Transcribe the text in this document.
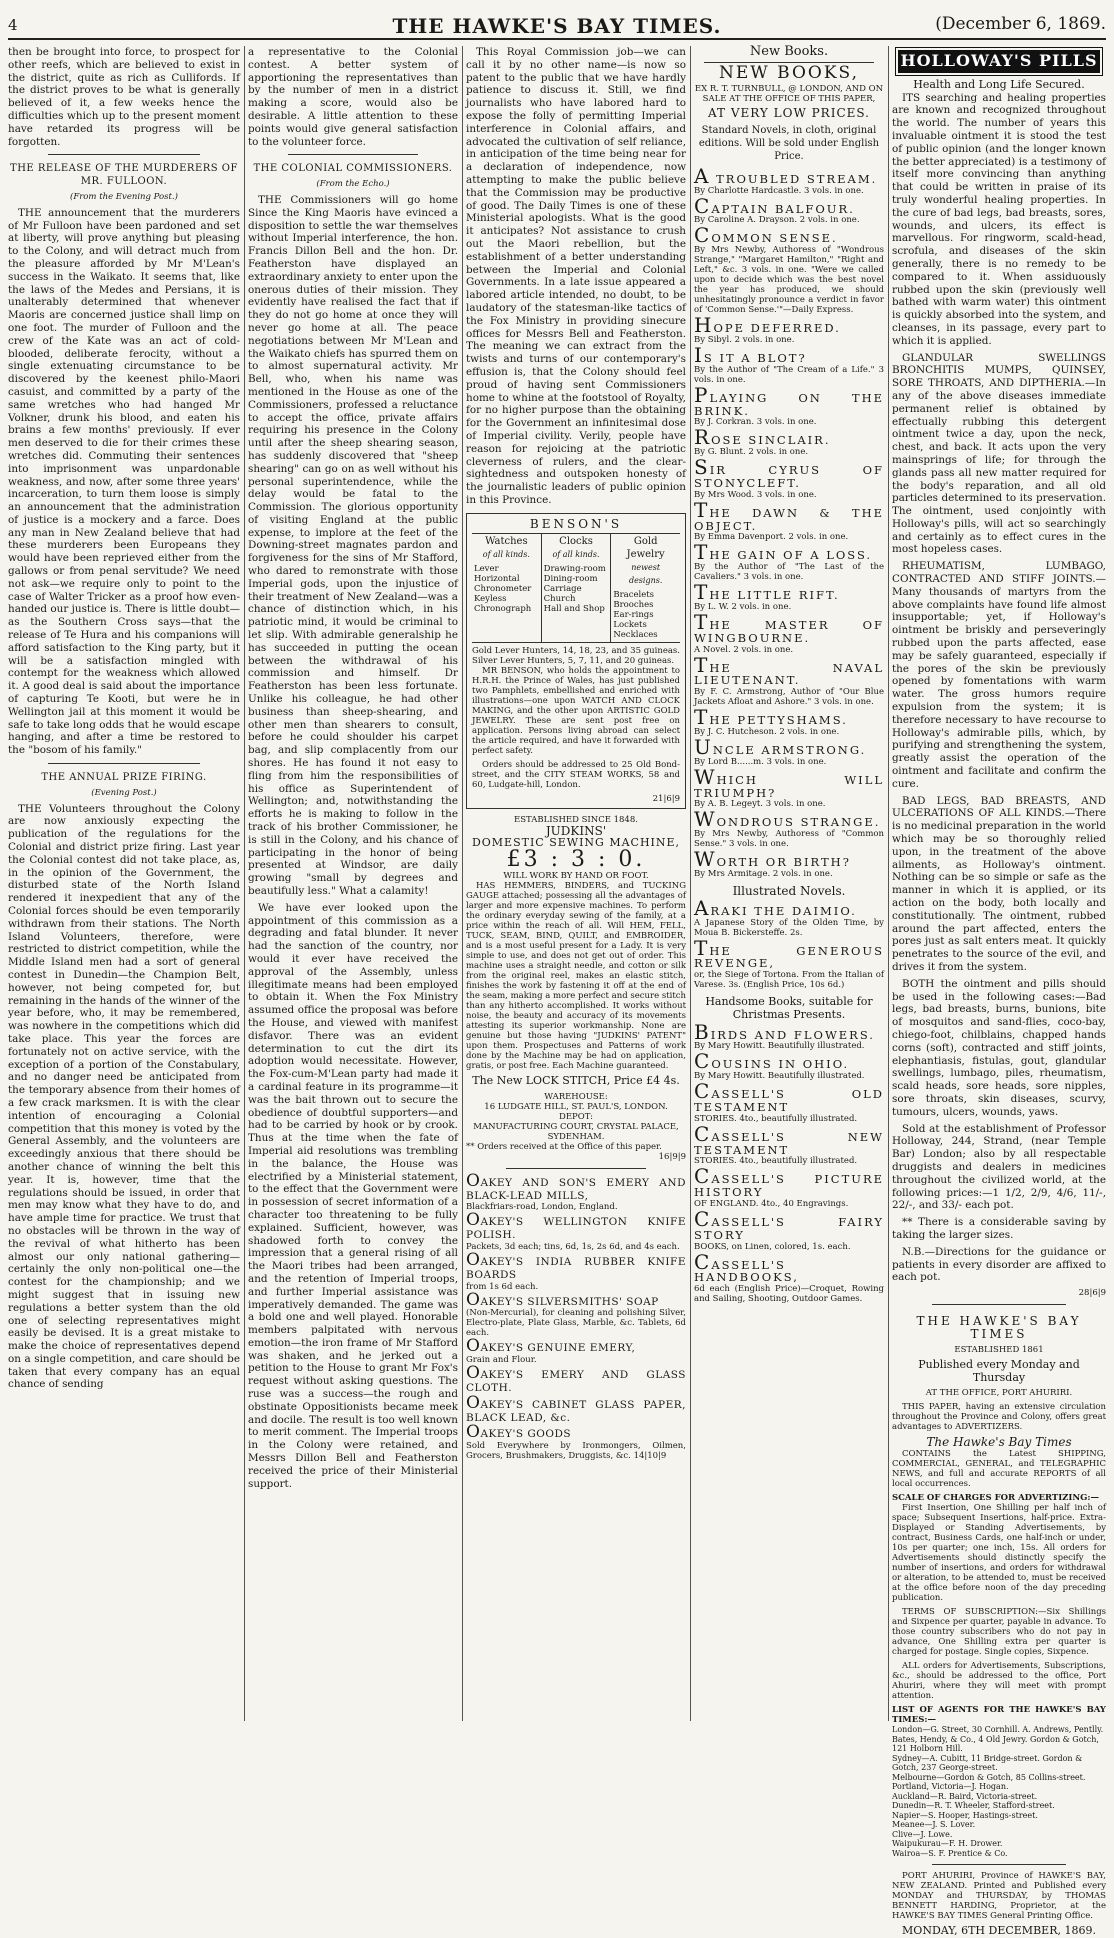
4	THE HAWKE'S BAY TIMES.	(December 6, 1869.

then be brought into force, to prospect for other reefs, which are believed to exist in the district, quite as rich as Cullifords. If the district proves to be what is generally believed of it, a few weeks hence the difficulties which up to the present moment have retarded its progress will be forgotten.

THE RELEASE OF THE MURDERERS OF MR. FULLOON.
(From the Evening Post.)

THE announcement that the murderers of Mr Fulloon have been pardoned and set at liberty, will prove anything but pleasing to the Colony, and will detract much from the pleasure afforded by Mr M'Lean's success in the Waikato. It seems that, like the laws of the Medes and Persians, it is unalterably determined that whenever Maoris are concerned justice shall limp on one foot. The murder of Fulloon and the crew of the Kate was an act of cold-blooded, deliberate ferocity, without a single extenuating circumstance to be discovered by the keenest philo-Maori casuist, and committed by a party of the same wretches who had hanged Mr Volkner, drunk his blood, and eaten his brains a few months' previously. If ever men deserved to die for their crimes these wretches did. Commuting their sentences into imprisonment was unpardonable weakness, and now, after some three years' incarceration, to turn them loose is simply an announcement that the administration of justice is a mockery and a farce. Does any man in New Zealand believe that had these murderers been Europeans they would have been reprieved either from the gallows or from penal servitude? We need not ask—we require only to point to the case of Walter Tricker as a proof how even-handed our justice is. There is little doubt—as the Southern Cross says—that the release of Te Hura and his companions will afford satisfaction to the King party, but it will be a satisfaction mingled with contempt for the weakness which allowed it. A good deal is said about the importance of capturing Te Kooti, but were he in Wellington jail at this moment it would be safe to take long odds that he would escape hanging, and after a time be restored to the "bosom of his family."

THE ANNUAL PRIZE FIRING.
(Evening Post.)

THE Volunteers throughout the Colony are now anxiously expecting the publication of the regulations for the Colonial and district prize firing. Last year the Colonial contest did not take place, as, in the opinion of the Government, the disturbed state of the North Island rendered it inexpedient that any of the Colonial forces should be even temporarily withdrawn from their stations. The North Island Volunteers, therefore, were restricted to district competition, while the Middle Island men had a sort of general contest in Dunedin—the Champion Belt, however, not being competed for, but remaining in the hands of the winner of the year before, who, it may be remembered, was nowhere in the competitions which did take place. This year the forces are fortunately not on active service, with the exception of a portion of the Constabulary, and no danger need be anticipated from the temporary absence from their homes of a few crack marksmen. It is with the clear intention of encouraging a Colonial competition that this money is voted by the General Assembly, and the volunteers are exceedingly anxious that there should be another chance of winning the belt this year. It is, however, time that the regulations should be issued, in order that men may know what they have to do, and have ample time for practice. We trust that no obstacles will be thrown in the way of the revival of what hitherto has been almost our only national gathering—certainly the only non-political one—the contest for the championship; and we might suggest that in issuing new regulations a better system than the old one of selecting representatives might easily be devised. It is a great mistake to make the choice of representatives depend on a single competition, and care should be taken that every company has an equal chance of sending

a representative to the Colonial contest. A better system of apportioning the representatives than by the number of men in a district making a score, would also be desirable. A little attention to these points would give general satisfaction to the volunteer force.

THE COLONIAL COMMISSIONERS.
(From the Echo.)

THE Commissioners will go home Since the King Maoris have evinced a disposition to settle the war themselves without Imperial interference, the hon. Francis Dillon Bell and the hon. Dr. Featherston have displayed an extraordinary anxiety to enter upon the onerous duties of their mission. They evidently have realised the fact that if they do not go home at once they will never go home at all. The peace negotiations between Mr M'Lean and the Waikato chiefs has spurred them on to almost supernatural activity. Mr Bell, who, when his name was mentioned in the House as one of the Commissioners, professed a reluctance to accept the office, private affairs requiring his presence in the Colony until after the sheep shearing season, has suddenly discovered that "sheep shearing" can go on as well without his personal superintendence, while the delay would be fatal to the Commission. The glorious opportunity of visiting England at the public expense, to implore at the feet of the Downing-street magnates pardon and forgiveness for the sins of Mr Stafford, who dared to remonstrate with those Imperial gods, upon the injustice of their treatment of New Zealand—was a chance of distinction which, in his patriotic mind, it would be criminal to let slip. With admirable generalship he has succeeded in putting the ocean between the withdrawal of his commission and himself. Dr Featherston has been less fortunate. Unlike his colleague, he had other business than sheep-shearing, and other men than shearers to consult, before he could shoulder his carpet bag, and slip complacently from our shores. He has found it not easy to fling from him the responsibilities of his office as Superintendent of Wellington; and, notwithstanding the efforts he is making to follow in the track of his brother Commissioner, he is still in the Colony, and his chance of participating in the honor of being presented at Windsor, are daily growing "small by degrees and beautifully less." What a calamity!

We have ever looked upon the appointment of this commission as a degrading and fatal blunder. It never had the sanction of the country, nor would it ever have received the approval of the Assembly, unless illegitimate means had been employed to obtain it. When the Fox Ministry assumed office the proposal was before the House, and viewed with manifest disfavor. There was an evident determination to cut the dirt its adoption would necessitate. However, the Fox-cum-M'Lean party had made it a cardinal feature in its programme—it was the bait thrown out to secure the obedience of doubtful supporters—and had to be carried by hook or by crook. Thus at the time when the fate of Imperial aid resolutions was trembling in the balance, the House was electrified by a Ministerial statement, to the effect that the Government were in possession of secret information of a character too threatening to be fully explained. Sufficient, however, was shadowed forth to convey the impression that a general rising of all the Maori tribes had been arranged, and the retention of Imperial troops, and further Imperial assistance was imperatively demanded. The game was a bold one and well played. Honorable members palpitated with nervous emotion—the iron frame of Mr Stafford was shaken, and he jerked out a petition to the House to grant Mr Fox's request without asking questions. The ruse was a success—the rough and obstinate Oppositionists became meek and docile. The result is too well known to merit comment. The Imperial troops in the Colony were retained, and Messrs Dillon Bell and Featherston received the price of their Ministerial support.

This Royal Commission job—we can call it by no other name—is now so patent to the public that we have hardly patience to discuss it. Still, we find journalists who have labored hard to expose the folly of permitting Imperial interference in Colonial affairs, and advocated the cultivation of self reliance, in anticipation of the time being near for a declaration of independence, now attempting to make the public believe that the Commission may be productive of good. The Daily Times is one of these Ministerial apologists. What is the good it anticipates? Not assistance to crush out the Maori rebellion, but the establishment of a better understanding between the Imperial and Colonial Governments. In a late issue appeared a labored article intended, no doubt, to be laudatory of the statesman-like tactics of the Fox Ministry in providing sinecure offices for Messrs Bell and Featherston. The meaning we can extract from the twists and turns of our contemporary's effusion is, that the Colony should feel proud of having sent Commissioners home to whine at the footstool of Royalty, for no higher purpose than the obtaining for the Government an infinitesimal dose of Imperial civility. Verily, people have reason for rejoicing at the patriotic cleverness of rulers, and the clear-sightedness and outspoken honesty of the journalistic leaders of public opinion in this Province.

BENSON'S
Watches
of all kinds.
Lever
Horizontal
Chronometer
Keyless
Chronograph
Clocks
of all kinds.
Drawing-room
Dining-room
Carriage
Church
Hall and Shop
Gold Jewelry
newest designs.
Bracelets
Brooches
Ear-rings
Lockets
Necklaces
Gold Lever Hunters, 14, 18, 23, and 35 guineas. Silver Lever Hunters, 5, 7, 11, and 20 guineas.

MR BENSON, who holds the appointment to H.R.H. the Prince of Wales, has just published two Pamphlets, embellished and enriched with illustrations—one upon WATCH AND CLOCK MAKING, and the other upon ARTISTIC GOLD JEWELRY. These are sent post free on application. Persons living abroad can select the article required, and have it forwarded with perfect safety.

Orders should be addressed to 25 Old Bond-street, and the CITY STEAM WORKS, 58 and 60, Ludgate-hill, London.

21|6|9
ESTABLISHED SINCE 1848.
JUDKINS'
DOMESTIC SEWING MACHINE,
£3 : 3 : 0.
WILL WORK BY HAND OR FOOT.

HAS HEMMERS, BINDERS, and TUCKING GAUGE attached; possessing all the advantages of larger and more expensive machines. To perform the ordinary everyday sewing of the family, at a price within the reach of all. Will HEM, FELL, TUCK, SEAM, BIND, QUILT, and EMBROIDER, and is a most useful present for a Lady. It is very simple to use, and does not get out of order. This machine uses a straight needle, and cotton or silk from the original reel, makes an elastic stitch, finishes the work by fastening it off at the end of the seam, making a more perfect and secure stitch than any hitherto accomplished. It works without noise, the beauty and accuracy of its movements attesting its superior workmanship. None are genuine but those having "JUDKINS' PATENT" upon them. Prospectuses and Patterns of work done by the Machine may be had on application, gratis, or post free. Each Machine guaranteed.

The New LOCK STITCH, Price £4 4s.
WAREHOUSE:
16 LUDGATE HILL, ST. PAUL'S, LONDON.
DEPOT:
MANUFACTURING COURT, CRYSTAL PALACE, SYDENHAM.
** Orders received at the Office of this paper.
16|9|9
OAKEY AND SON'S EMERY AND BLACK-LEAD MILLS,
Blackfriars-road, London, England.
OAKEY'S WELLINGTON KNIFE POLISH.
Packets, 3d each; tins, 6d, 1s, 2s 6d, and 4s each.
OAKEY'S INDIA RUBBER KNIFE BOARDS
from 1s 6d each.
OAKEY'S SILVERSMITHS' SOAP
(Non-Mercurial), for cleaning and polishing Silver, Electro-plate, Plate Glass, Marble, &c. Tablets, 6d each.
OAKEY'S GENUINE EMERY,
Grain and Flour.
OAKEY'S EMERY AND GLASS CLOTH.
OAKEY'S CABINET GLASS PAPER, BLACK LEAD, &c.
OAKEY'S GOODS
Sold Everywhere by Ironmongers, Oilmen, Grocers, Brushmakers, Druggists, &c. 14|10|9
New Books.
NEW BOOKS,
EX R. T. TURNBULL, @ LONDON, AND ON SALE AT THE OFFICE OF THIS PAPER,
AT VERY LOW PRICES.
Standard Novels, in cloth, original editions. Will be sold under English Price.
A TROUBLED STREAM.
By Charlotte Hardcastle. 3 vols. in one.
CAPTAIN BALFOUR.
By Caroline A. Drayson. 2 vols. in one.
COMMON SENSE.
By Mrs Newby, Authoress of "Wondrous Strange," "Margaret Hamilton," "Right and Left," &c. 3 vols. in one. "Were we called upon to decide which was the best novel the year has produced, we should unhesitatingly pronounce a verdict in favor of 'Common Sense.'"—Daily Express.
HOPE DEFERRED.
By Sibyl. 2 vols. in one.
IS IT A BLOT?
By the Author of "The Cream of a Life." 3 vols. in one.
PLAYING ON THE BRINK.
By J. Corkran. 3 vols. in one.
ROSE SINCLAIR.
By G. Blunt. 2 vols. in one.
SIR CYRUS OF STONYCLEFT.
By Mrs Wood. 3 vols. in one.
THE DAWN & THE OBJECT.
By Emma Davenport. 2 vols. in one.
THE GAIN OF A LOSS.
By the Author of "The Last of the Cavaliers." 3 vols. in one.
THE LITTLE RIFT.
By L. W. 2 vols. in one.
THE MASTER OF WINGBOURNE.
A Novel. 2 vols. in one.
THE NAVAL LIEUTENANT.
By F. C. Armstrong, Author of "Our Blue Jackets Afloat and Ashore." 3 vols. in one.
THE PETTYSHAMS.
By J. C. Hutcheson. 2 vols. in one.
UNCLE ARMSTRONG.
By Lord B......m. 3 vols. in one.
WHICH WILL TRIUMPH?
By A. B. Legeyt. 3 vols. in one.
WONDROUS STRANGE.
By Mrs Newby, Authoress of "Common Sense." 3 vols. in one.
WORTH OR BIRTH?
By Mrs Armitage. 2 vols. in one.
Illustrated Novels.
ARAKI THE DAIMIO.
A Japanese Story of the Olden Time, by Moua B. Bickersteffe. 2s.
THE GENEROUS REVENGE,
or, the Siege of Tortona. From the Italian of Varese. 3s. (English Price, 10s 6d.)
Handsome Books, suitable for Christmas Presents.
BIRDS AND FLOWERS.
By Mary Howitt. Beautifully illustrated.
COUSINS IN OHIO.
By Mary Howitt. Beautifully illustrated.
CASSELL'S OLD TESTAMENT
STORIES. 4to., beautifully illustrated.
CASSELL'S NEW TESTAMENT
STORIES. 4to., beautifully illustrated.
CASSELL'S PICTURE HISTORY
OF ENGLAND. 4to., 40 Engravings.
CASSELL'S FAIRY STORY
BOOKS, on Linen, colored, 1s. each.
CASSELL'S HANDBOOKS,
6d each (English Price)—Croquet, Rowing and Sailing, Shooting, Outdoor Games.
HOLLOWAY'S PILLS
Health and Long Life Secured.

ITS searching and healing properties are known and recognized throughout the world. The number of years this invaluable ointment it is stood the test of public opinion (and the longer known the better appreciated) is a testimony of itself more convincing than anything that could be written in praise of its truly wonderful healing properties. In the cure of bad legs, bad breasts, sores, wounds, and ulcers, its effect is marvellous. For ringworm, scald-head, scrofula, and diseases of the skin generally, there is no remedy to be compared to it. When assiduously rubbed upon the skin (previously well bathed with warm water) this ointment is quickly absorbed into the system, and cleanses, in its passage, every part to which it is applied.

GLANDULAR SWELLINGS BRONCHITIS MUMPS, QUINSEY, SORE THROATS, AND DIPTHERIA.—In any of the above diseases immediate permanent relief is obtained by effectually rubbing this detergent ointment twice a day, upon the neck, chest, and back. It acts upon the very mainsprings of life; for through the glands pass all new matter required for the body's reparation, and all old particles determined to its preservation. The ointment, used conjointly with Holloway's pills, will act so searchingly and certainly as to effect cures in the most hopeless cases.

RHEUMATISM, LUMBAGO, CONTRACTED AND STIFF JOINTS.—Many thousands of martyrs from the above complaints have found life almost insupportable; yet, if Holloway's ointment be briskly and perseveringly rubbed upon the parts affected, ease may be safely guaranteed, especially if the pores of the skin be previously opened by fomentations with warm water. The gross humors require expulsion from the system; it is therefore necessary to have recourse to Holloway's admirable pills, which, by purifying and strengthening the system, greatly assist the operation of the ointment and facilitate and confirm the cure.

BAD LEGS, BAD BREASTS, AND ULCERATIONS OF ALL KINDS.—There is no medicinal preparation in the world which may be so thoroughly relied upon, in the treatment of the above ailments, as Holloway's ointment. Nothing can be so simple or safe as the manner in which it is applied, or its action on the body, both locally and constitutionally. The ointment, rubbed around the part affected, enters the pores just as salt enters meat. It quickly penetrates to the source of the evil, and drives it from the system.

BOTH the ointment and pills should be used in the following cases:—Bad legs, bad breasts, burns, bunions, bite of mosquitos and sand-flies, coco-bay, chiego-foot, chilblains, chapped hands corns (soft), contracted and stiff joints, elephantiasis, fistulas, gout, glandular swellings, lumbago, piles, rheumatism, scald heads, sore heads, sore nipples, sore throats, skin diseases, scurvy, tumours, ulcers, wounds, yaws.

Sold at the establishment of Professor Holloway, 244, Strand, (near Temple Bar) London; also by all respectable druggists and dealers in medicines throughout the civilized world, at the following prices:—1 1/2, 2/9, 4/6, 11/-, 22/-, and 33/- each pot.

** There is a considerable saving by taking the larger sizes.

N.B.—Directions for the guidance or patients in every disorder are affixed to each pot.

28|6|9
THE HAWKE'S BAY TIMES
ESTABLISHED 1861
Published every Monday and Thursday
AT THE OFFICE, PORT AHURIRI.

THIS PAPER, having an extensive circulation throughout the Province and Colony, offers great advantages to ADVERTIZERS.

The Hawke's Bay Times

CONTAINS the Latest SHIPPING, COMMERCIAL, GENERAL, and TELEGRAPHIC NEWS, and full and accurate REPORTS of all local occurrences.

SCALE OF CHARGES FOR ADVERTIZING:—

First Insertion, One Shilling per half inch of space; Subsequent Insertions, half-price. Extra-Displayed or Standing Advertisements, by contract, Business Cards, one half-inch or under, 10s per quarter; one inch, 15s. All orders for Advertisements should distinctly specify the number of insertions, and orders for withdrawal or alteration, to be attended to, must be received at the office before noon of the day preceding publication.

TERMS OF SUBSCRIPTION:—Six Shillings and Sixpence per quarter, payable in advance. To those country subscribers who do not pay in advance, One Shilling extra per quarter is charged for postage. Single copies, Sixpence.

ALL orders for Advertisements, Subscriptions, &c., should be addressed to the office, Port Ahuriri, where they will meet with prompt attention.

LIST OF AGENTS FOR THE HAWKE'S BAY TIMES:—
London—G. Street, 30 Cornhill. A. Andrews, Pentlly. Bates, Hendy, & Co., 4 Old Jewry. Gordon & Gotch, 121 Holborn Hill.
Sydney—A. Cubitt, 11 Bridge-street. Gordon & Gotch, 237 George-street.
Melbourne—Gordon & Gotch, 85 Collins-street.
Portland, Victoria—J. Hogan.
Auckland—R. Baird, Victoria-street.
Dunedin—R. T. Wheeler, Stafford-street.
Napier—S. Hooper, Hastings-street.
Meanee—J. S. Lover.
Clive—J. Lowe.
Waipukurau—F. H. Drower.
Wairoa—S. F. Prentice & Co.

PORT AHURIRI, Province of HAWKE'S BAY, NEW ZEALAND. Printed and Published every MONDAY and THURSDAY, by THOMAS BENNETT HARDING, Proprietor, at the HAWKE'S BAY TIMES General Printing Office.

MONDAY, 6TH DECEMBER, 1869.
